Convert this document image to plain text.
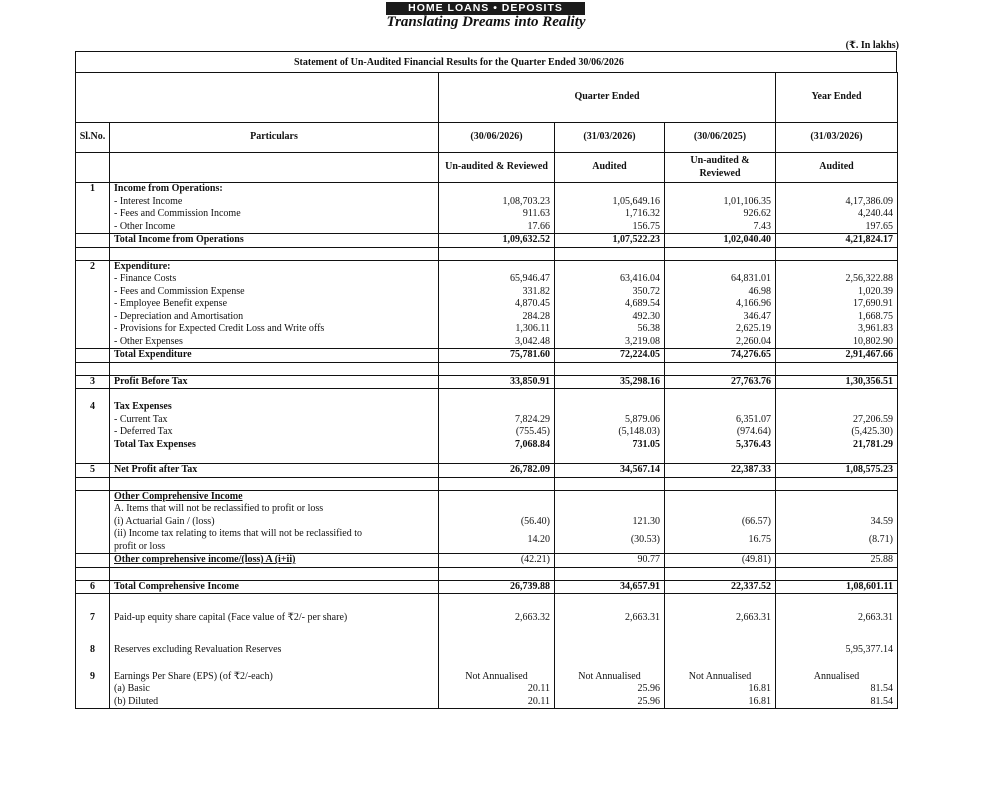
HOME LOANS • DEPOSITS
Translating Dreams into Reality
(₹. In lakhs)
Statement of Un-Audited Financial Results for the Quarter Ended 30/06/2026
		Quarter Ended			Year Ended
Sl.No.	Particulars	(30/06/2026)	(31/03/2026)	(30/06/2025)	(31/03/2026)
		Un-audited & Reviewed	Audited	Un-audited & Reviewed	Audited
1	Income from Operations:				
	- Interest Income	1,08,703.23	1,05,649.16	1,01,106.35	4,17,386.09
	- Fees and Commission Income	911.63	1,716.32	926.62	4,240.44
	- Other Income	17.66	156.75	7.43	197.65
	Total Income from Operations	1,09,632.52	1,07,522.23	1,02,040.40	4,21,824.17

2	Expenditure:				
	- Finance Costs	65,946.47	63,416.04	64,831.01	2,56,322.88
	- Fees and Commission Expense	331.82	350.72	46.98	1,020.39
	- Employee Benefit expense	4,870.45	4,689.54	4,166.96	17,690.91
	- Depreciation and Amortisation	284.28	492.30	346.47	1,668.75
	- Provisions for Expected Credit Loss and Write offs	1,306.11	56.38	2,625.19	3,961.83
	- Other Expenses	3,042.48	3,219.08	2,260.04	10,802.90
	Total Expenditure	75,781.60	72,224.05	74,276.65	2,91,467.66

3	Profit Before Tax	33,850.91	35,298.16	27,763.76	1,30,356.51

4	Tax Expenses				
	- Current Tax	7,824.29	5,879.06	6,351.07	27,206.59
	- Deferred Tax	(755.45)	(5,148.03)	(974.64)	(5,425.30)
	Total Tax Expenses	7,068.84	731.05	5,376.43	21,781.29

5	Net Profit after Tax	26,782.09	34,567.14	22,387.33	1,08,575.23

	Other Comprehensive Income				
	A. Items that will not be reclassified to profit or loss				
	(i) Actuarial Gain / (loss)	(56.40)	121.30	(66.57)	34.59

	(ii) Income tax relating to items that will not be reclassified to
profit or loss	14.20	(30.53)	16.75	(8.71)
	Other comprehensive income/(loss) A (i+ii)	(42.21)	90.77	(49.81)	25.88

6	Total Comprehensive Income	26,739.88	34,657.91	22,337.52	1,08,601.11

7	Paid-up equity share capital (Face value of ₹2/- per share)	2,663.32	2,663.31	2,663.31	2,663.31

8	Reserves excluding Revaluation Reserves				5,95,377.14

9	Earnings Per Share (EPS) (of ₹2/-each)	Not Annualised	Not Annualised	Not Annualised	Annualised
	(a) Basic	20.11	25.96	16.81	81.54
	(b) Diluted	20.11	25.96	16.81	81.54
